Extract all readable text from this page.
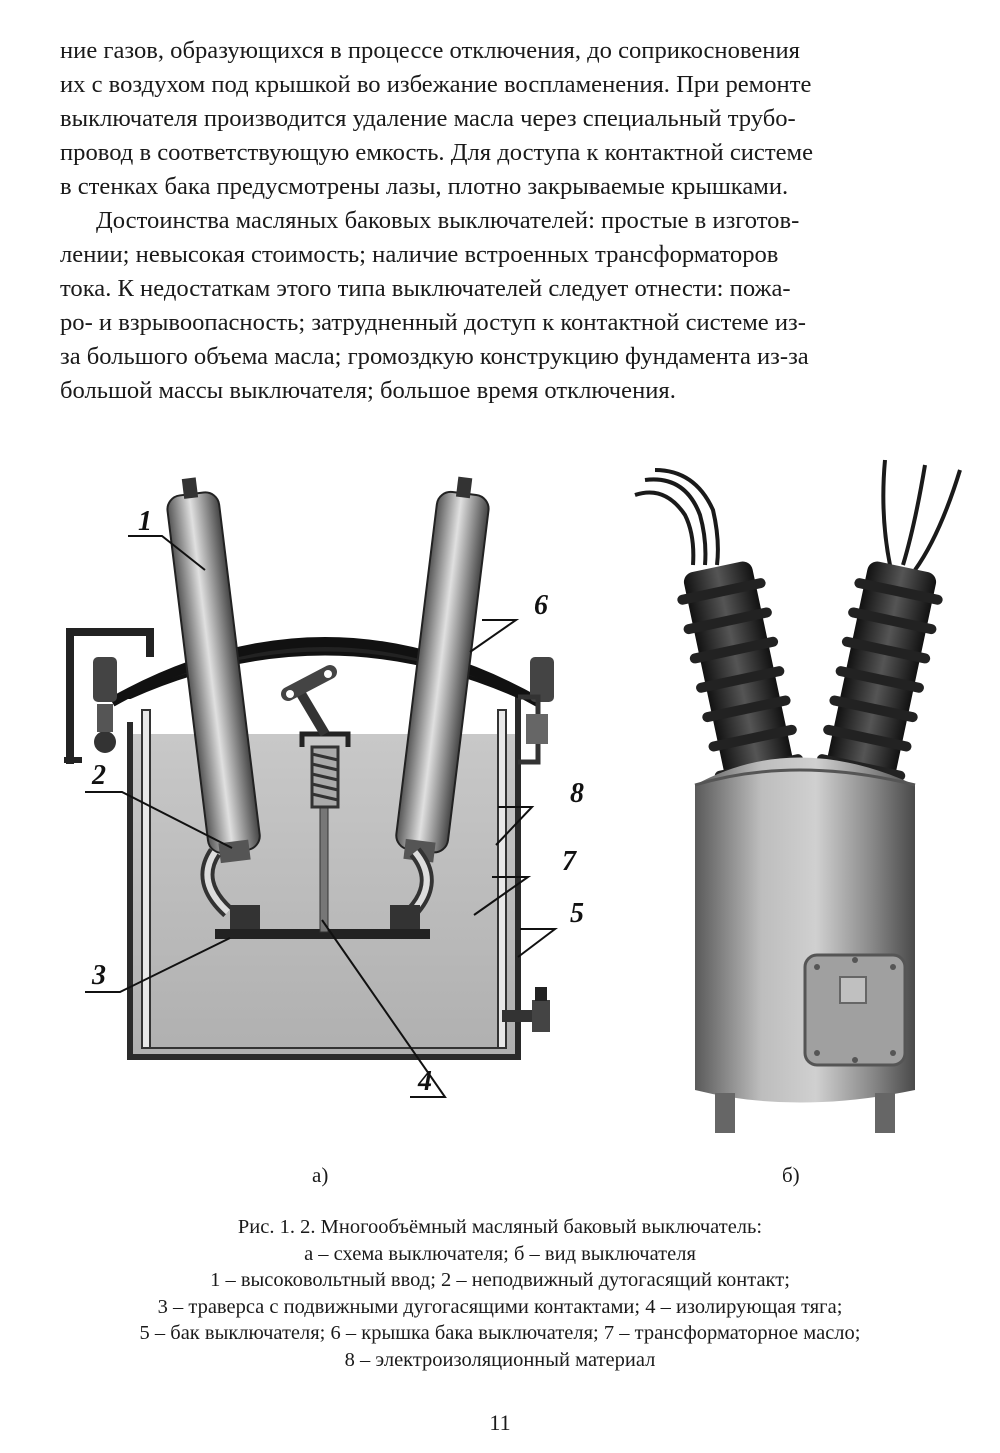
ние газов, образующихся в процессе отключения, до соприкосновения
их с воздухом под крышкой во избежание воспламенения. При ремонте
выключателя производится удаление масла через специальный трубо-
провод в соответствующую емкость. Для доступа к контактной системе
в стенках бака предусмотрены лазы, плотно закрываемые крышками.
Достоинства масляных баковых выключателей: простые в изготов-
лении; невысокая стоимость; наличие встроенных трансформаторов
тока. К недостаткам этого типа выключателей следует отнести: пожа-
ро- и взрывоопасность; затрудненный доступ к контактной системе из-
за большого объема масла; громоздкую конструкцию фундамента из-за
большой массы выключателя; большое время отключения.
1
6
2
8
7
5
3
4
а)	б)
Рис. 1. 2. Многообъёмный масляный баковый выключатель:
а – схема выключателя; б – вид выключателя
1 – высоковольтный ввод; 2 – неподвижный дутогасящий контакт;
3 – траверса с подвижными дугогасящими контактами; 4 – изолирующая тяга;
5 – бак выключателя; 6 – крышка бака выключателя; 7 – трансформаторное масло;
8 – электроизоляционный материал
11
